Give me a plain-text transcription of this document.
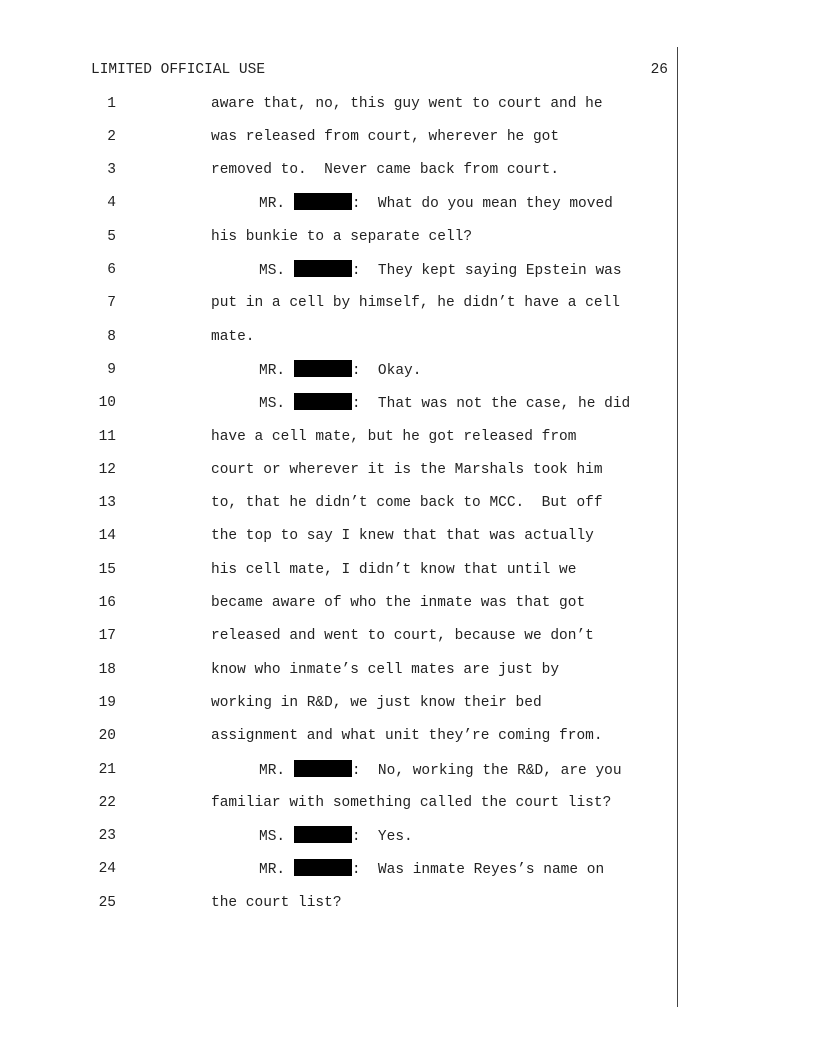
LIMITED OFFICIAL USE	26
1	aware that, no, this guy went to court and he
2	was released from court, wherever he got
3	removed to.  Never came back from court.
4	MR.	:  What do you mean they moved
5	his bunkie to a separate cell?
6	MS.	:  They kept saying Epstein was
7	put in a cell by himself, he didn’t have a cell
8	mate.
9	MR.	:  Okay.
10	MS.	:  That was not the case, he did
11	have a cell mate, but he got released from
12	court or wherever it is the Marshals took him
13	to, that he didn’t come back to MCC.  But off
14	the top to say I knew that that was actually
15	his cell mate, I didn’t know that until we
16	became aware of who the inmate was that got
17	released and went to court, because we don’t
18	know who inmate’s cell mates are just by
19	working in R&D, we just know their bed
20	assignment and what unit they’re coming from.
21	MR.	:  No, working the R&D, are you
22	familiar with something called the court list?
23	MS.	:  Yes.
24	MR.	:  Was inmate Reyes’s name on
25	the court list?
